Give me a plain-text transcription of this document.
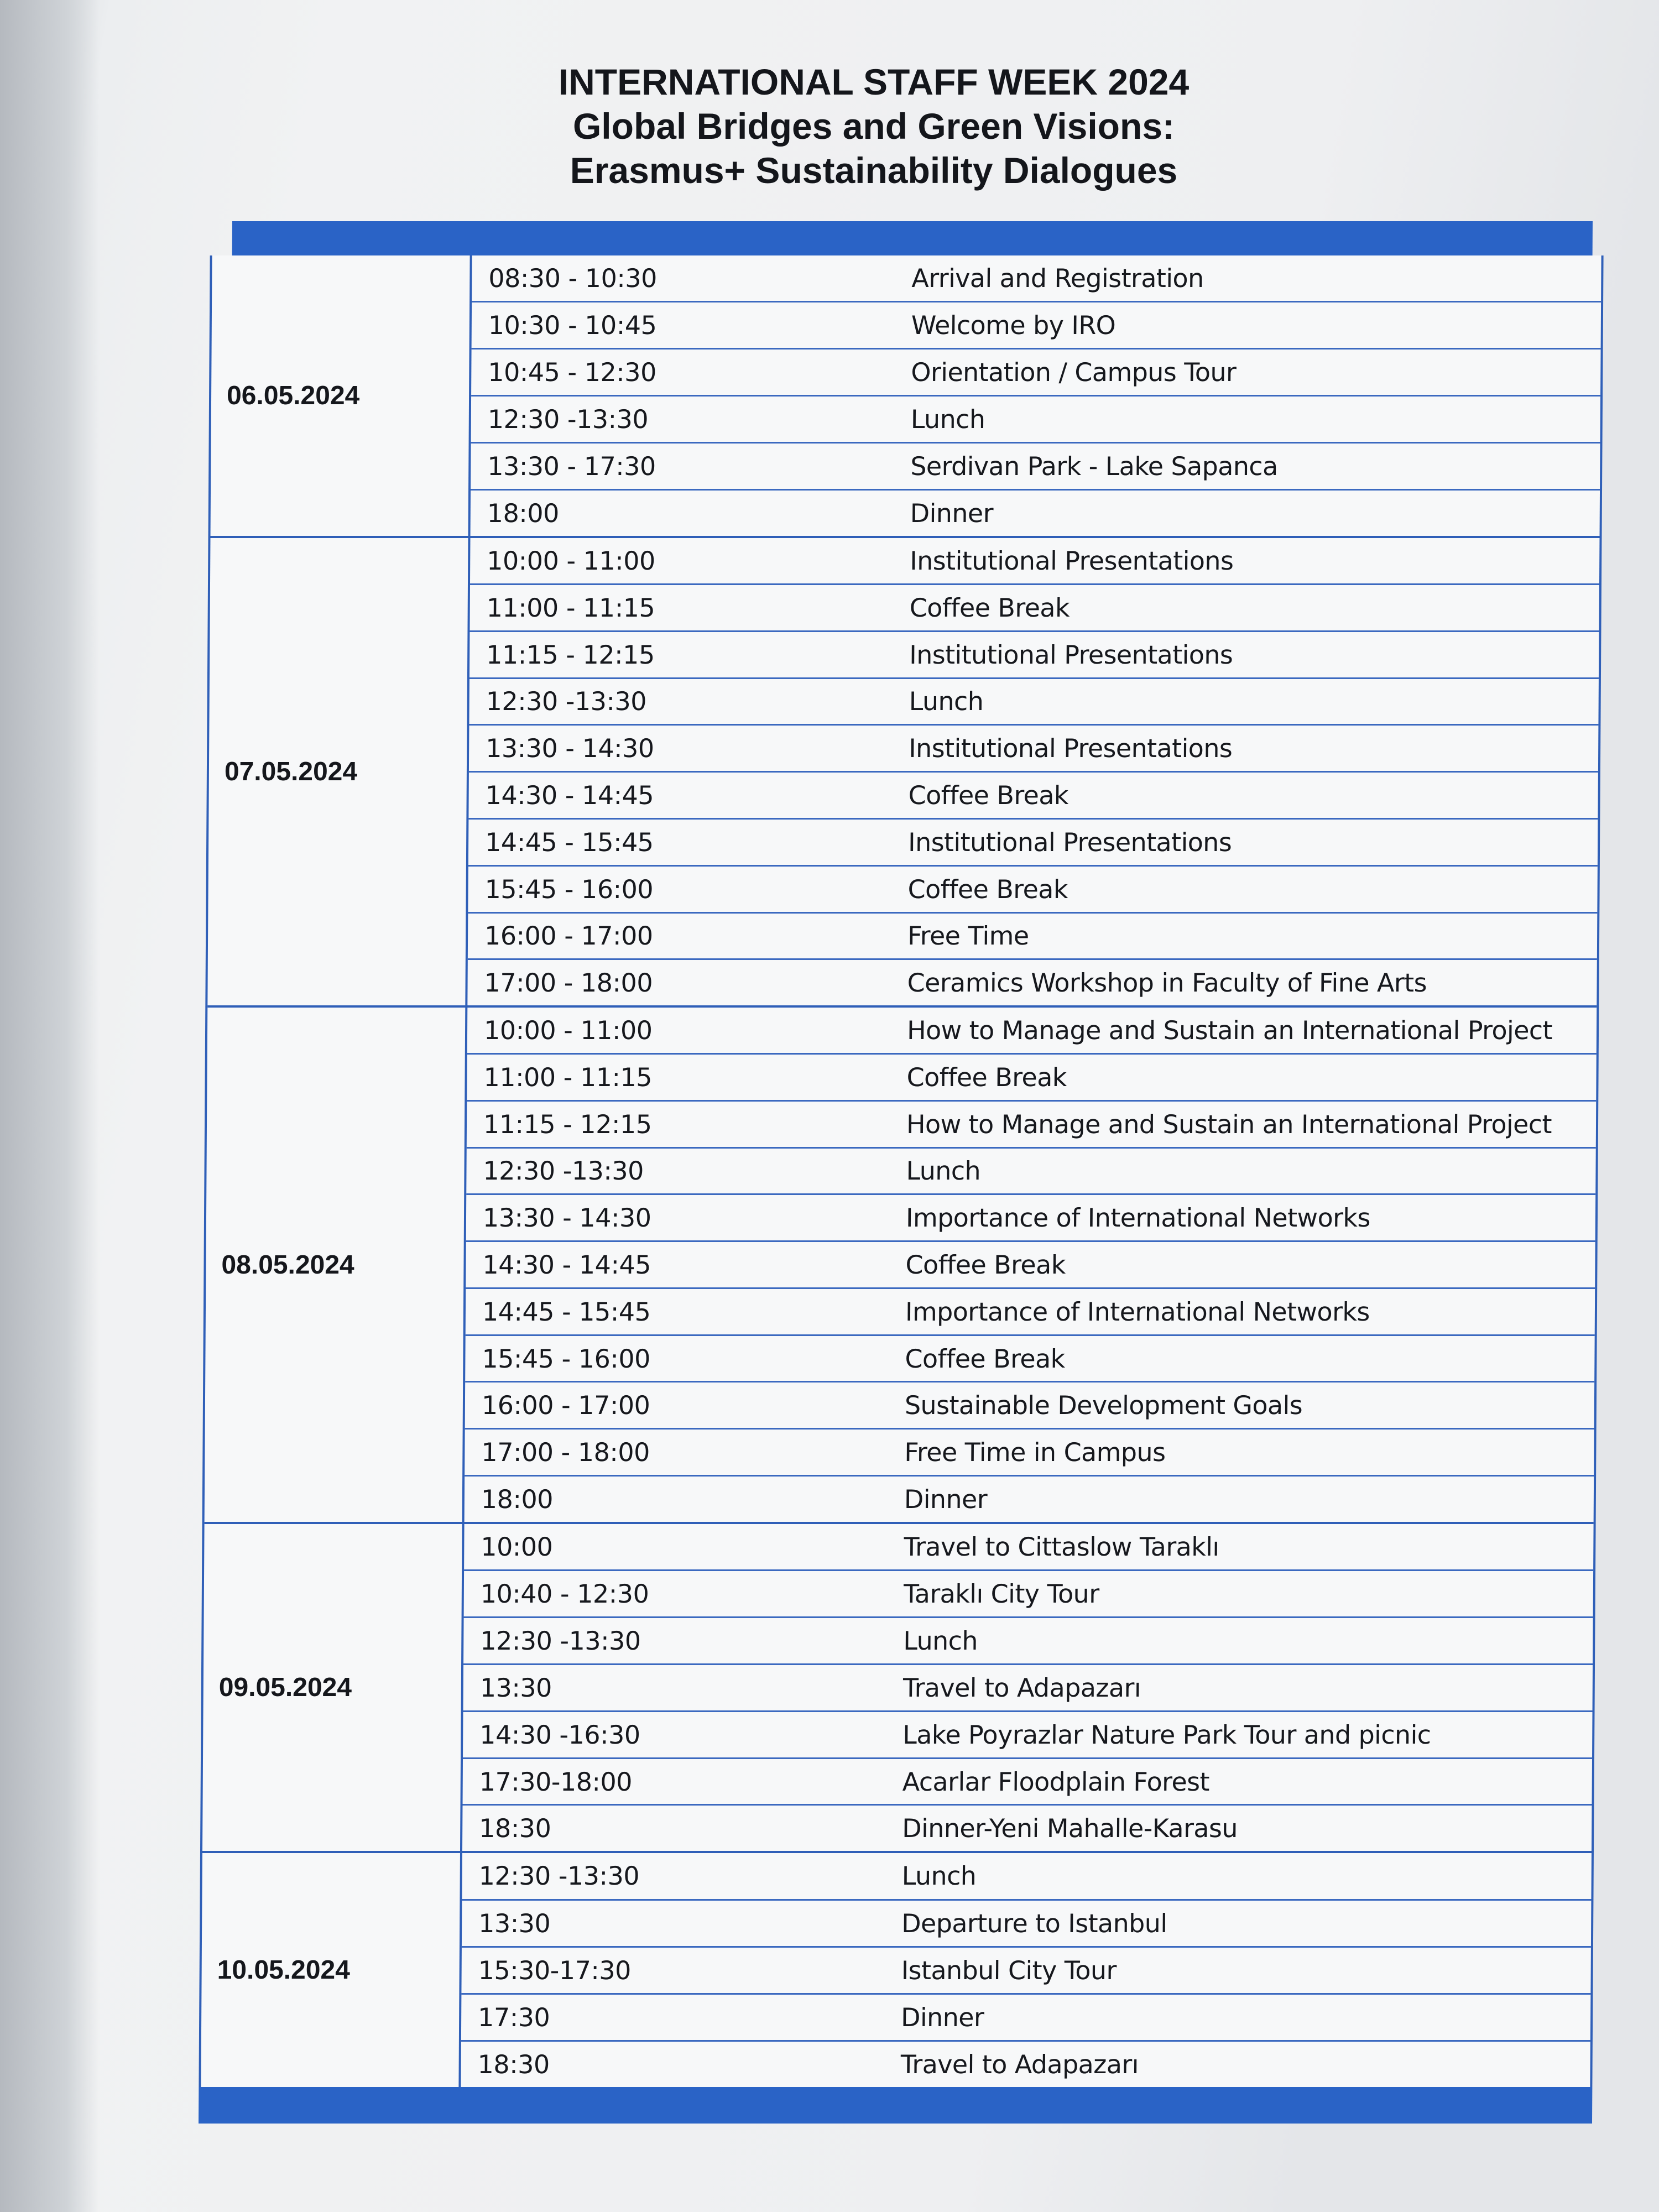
INTERNATIONAL STAFF WEEK 2024
Global Bridges and Green Visions:
Erasmus+ Sustainability Dialogues
06.05.2024
08:30 - 10:30	Arrival and Registration
10:30 - 10:45	Welcome by IRO
10:45 - 12:30	Orientation / Campus Tour
12:30 -13:30	Lunch
13:30 - 17:30	Serdivan Park - Lake Sapanca
18:00	Dinner
07.05.2024
10:00 - 11:00	Institutional Presentations
11:00 - 11:15	Coffee Break
11:15 - 12:15	Institutional Presentations
12:30 -13:30	Lunch
13:30 - 14:30	Institutional Presentations
14:30 - 14:45	Coffee Break
14:45 - 15:45	Institutional Presentations
15:45 - 16:00	Coffee Break
16:00 - 17:00	Free Time
17:00 - 18:00	Ceramics Workshop in Faculty of Fine Arts
08.05.2024
10:00 - 11:00	How to Manage and Sustain an International Project
11:00 - 11:15	Coffee Break
11:15 - 12:15	How to Manage and Sustain an International Project
12:30 -13:30	Lunch
13:30 - 14:30	Importance of International Networks
14:30 - 14:45	Coffee Break
14:45 - 15:45	Importance of International Networks
15:45 - 16:00	Coffee Break
16:00 - 17:00	Sustainable Development Goals
17:00 - 18:00	Free Time in Campus
18:00	Dinner
09.05.2024
10:00	Travel to Cittaslow Taraklı
10:40 - 12:30	Taraklı City Tour
12:30 -13:30	Lunch
13:30	Travel to Adapazarı
14:30 -16:30	Lake Poyrazlar Nature Park Tour and picnic
17:30-18:00	Acarlar Floodplain Forest
18:30	Dinner-Yeni Mahalle-Karasu
10.05.2024
12:30 -13:30	Lunch
13:30	Departure to Istanbul
15:30-17:30	Istanbul City Tour
17:30	Dinner
18:30	Travel to Adapazarı
